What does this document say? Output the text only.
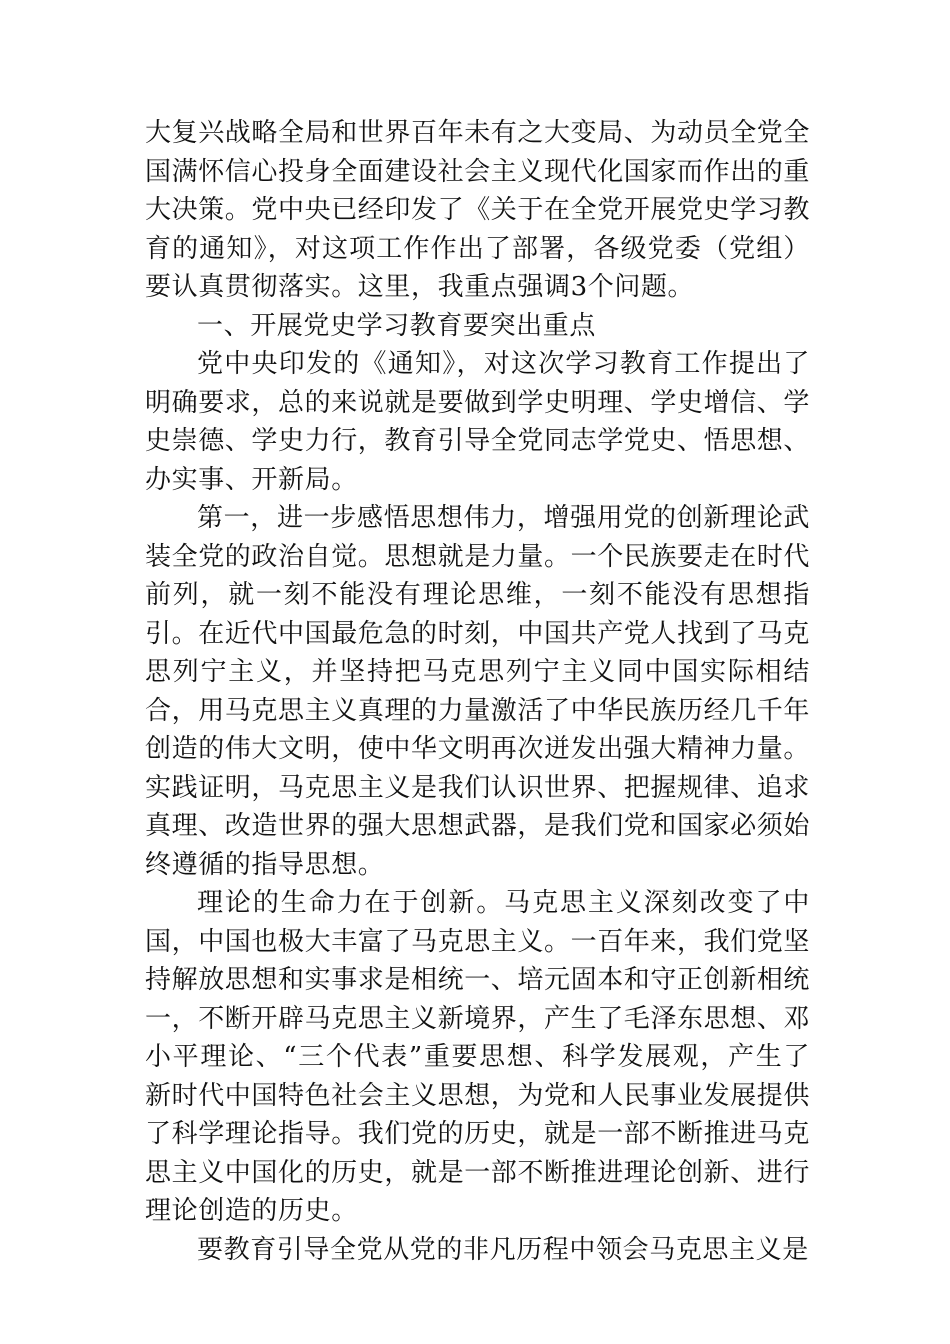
大复兴战略全局和世界百年未有之大变局、为动员全党全国满怀信心投身全面建设社会主义现代化国家而作出的重大决策。党中央已经印发了《关于在全党开展党史学习教育的通知》，对这项工作作出了部署，各级党委（党组）要认真贯彻落实。这里，我重点强调3个问题。

一、开展党史学习教育要突出重点

党中央印发的《通知》，对这次学习教育工作提出了明确要求，总的来说就是要做到学史明理、学史增信、学史崇德、学史力行，教育引导全党同志学党史、悟思想、办实事、开新局。

第一，进一步感悟思想伟力，增强用党的创新理论武装全党的政治自觉。思想就是力量。一个民族要走在时代前列，就一刻不能没有理论思维，一刻不能没有思想指引。在近代中国最危急的时刻，中国共产党人找到了马克思列宁主义，并坚持把马克思列宁主义同中国实际相结合，用马克思主义真理的力量激活了中华民族历经几千年创造的伟大文明，使中华文明再次迸发出强大精神力量。实践证明，马克思主义是我们认识世界、把握规律、追求真理、改造世界的强大思想武器，是我们党和国家必须始终遵循的指导思想。

理论的生命力在于创新。马克思主义深刻改变了中国，中国也极大丰富了马克思主义。一百年来，我们党坚持解放思想和实事求是相统一、培元固本和守正创新相统一，不断开辟马克思主义新境界，产生了毛泽东思想、邓小平理论、“三个代表”重要思想、科学发展观，产生了新时代中国特色社会主义思想，为党和人民事业发展提供了科学理论指导。我们党的历史，就是一部不断推进马克思主义中国化的历史，就是一部不断推进理论创新、进行理论创造的历史。

要教育引导全党从党的非凡历程中领会马克思主义是
